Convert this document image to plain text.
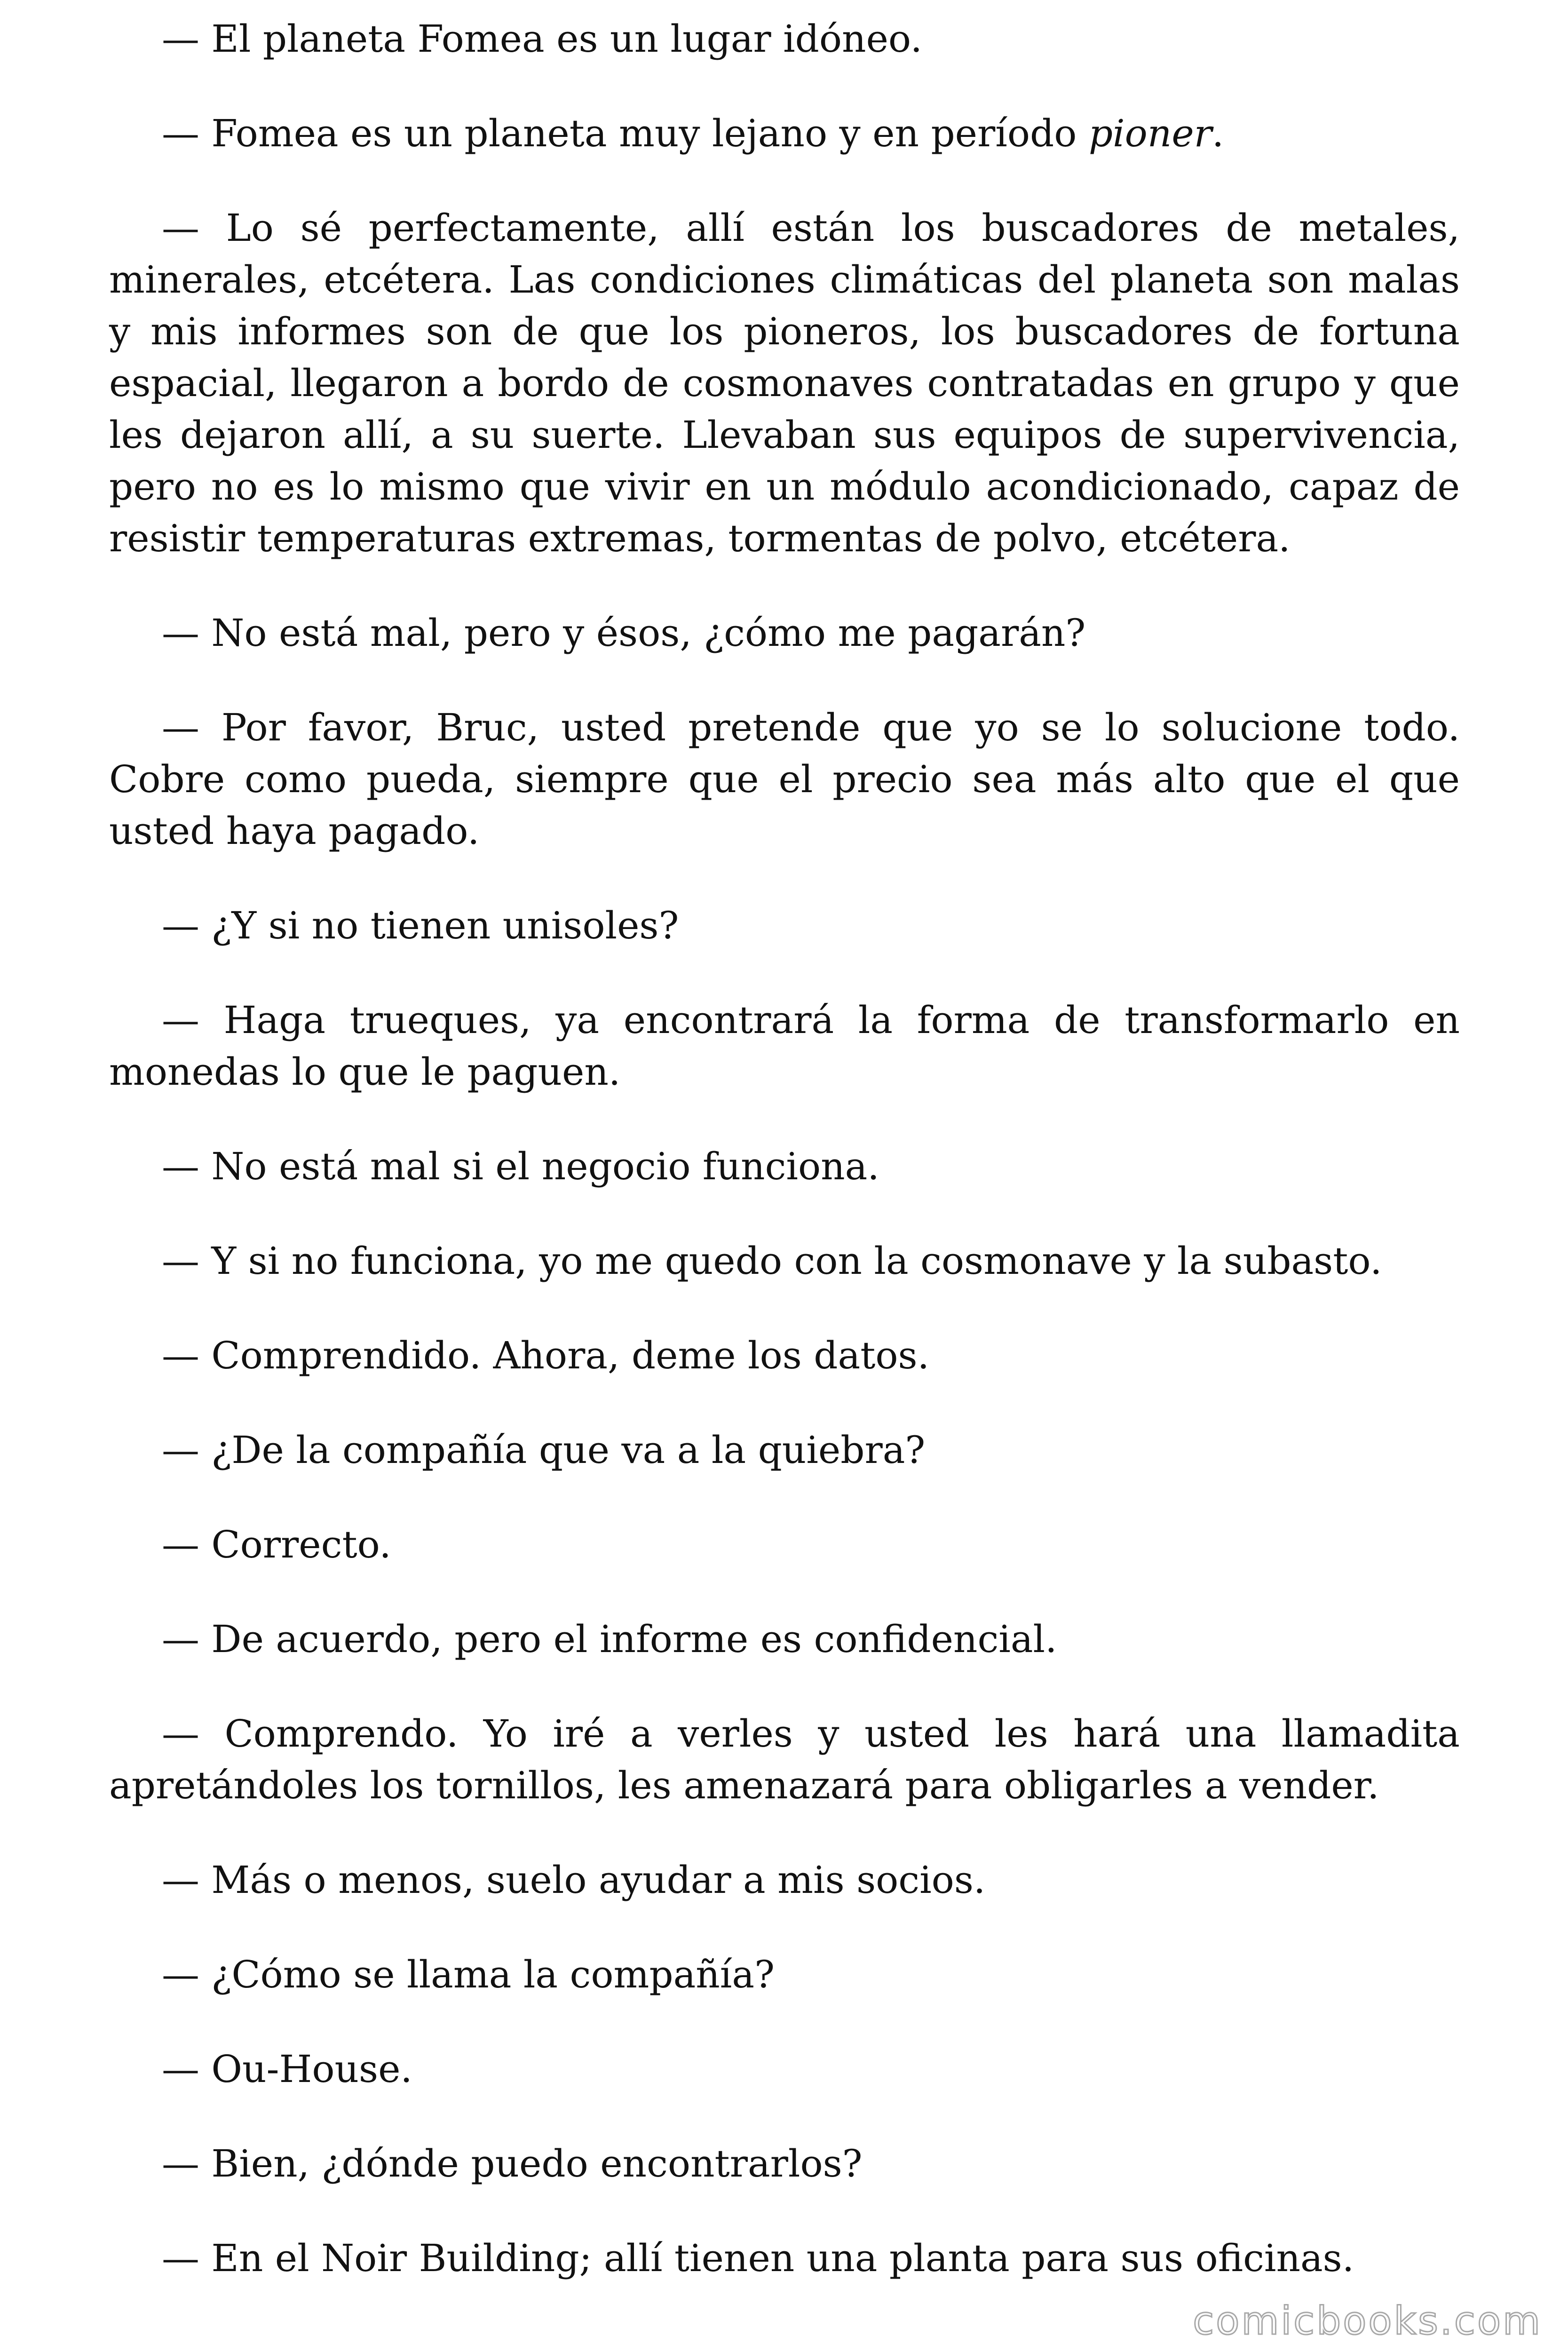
— El planeta Fomea es un lugar idóneo.

— Fomea es un planeta muy lejano y en período pioner.

— Lo sé perfectamente, allí están los buscadores de metales, minerales, etcétera. Las condiciones climáticas del planeta son malas y mis informes son de que los pioneros, los buscadores de fortuna espacial, llegaron a bordo de cosmonaves contratadas en grupo y que les dejaron allí, a su suerte. Llevaban sus equipos de supervivencia, pero no es lo mismo que vivir en un módulo acondicionado, capaz de resistir temperaturas extremas, tormentas de polvo, etcétera.

— No está mal, pero y ésos, ¿cómo me pagarán?

— Por favor, Bruc, usted pretende que yo se lo solucione todo. Cobre como pueda, siempre que el precio sea más alto que el que usted haya pagado.

— ¿Y si no tienen unisoles?

— Haga trueques, ya encontrará la forma de transformarlo en monedas lo que le paguen.

— No está mal si el negocio funciona.

— Y si no funciona, yo me quedo con la cosmonave y la subasto.

— Comprendido. Ahora, deme los datos.

— ¿De la compañía que va a la quiebra?

— Correcto.

— De acuerdo, pero el informe es confidencial.

— Comprendo. Yo iré a verles y usted les hará una llamadita apretándoles los tornillos, les amenazará para obligarles a vender.

— Más o menos, suelo ayudar a mis socios.

— ¿Cómo se llama la compañía?

— Ou-House.

— Bien, ¿dónde puedo encontrarlos?

— En el Noir Building; allí tienen una planta para sus oficinas.

comicbooks.com
